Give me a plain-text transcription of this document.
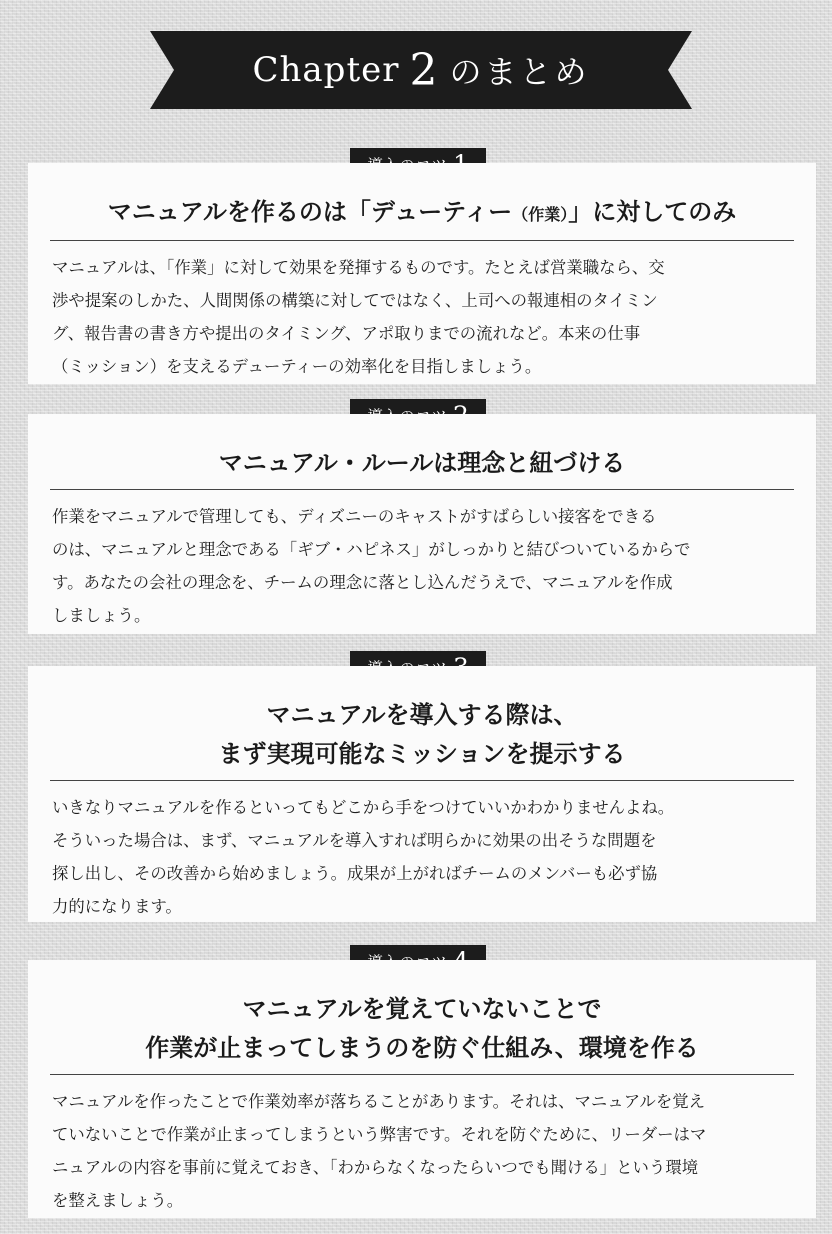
Chapter 2 のまとめ
マニュアルを作るのは「デューティー（作業）」に対してのみ
マニュアルは、「作業」に対して効果を発揮するものです。たとえば営業職なら、交
渉や提案のしかた、人間関係の構築に対してではなく、上司への報連相のタイミン
グ、報告書の書き方や提出のタイミング、アポ取りまでの流れなど。本来の仕事
（ミッション）を支えるデューティーの効率化を目指しましょう。
マニュアル・ルールは理念と紐づける
作業をマニュアルで管理しても、ディズニーのキャストがすばらしい接客をできる
のは、マニュアルと理念である「ギブ・ハピネス」がしっかりと結びついているからで
す。あなたの会社の理念を、チームの理念に落とし込んだうえで、マニュアルを作成
しましょう。
マニュアルを導入する際は、
まず実現可能なミッションを提示する
いきなりマニュアルを作るといってもどこから手をつけていいかわかりませんよね。
そういった場合は、まず、マニュアルを導入すれば明らかに効果の出そうな問題を
探し出し、その改善から始めましょう。成果が上がればチームのメンバーも必ず協
力的になります。
マニュアルを覚えていないことで
作業が止まってしまうのを防ぐ仕組み、環境を作る
マニュアルを作ったことで作業効率が落ちることがあります。それは、マニュアルを覚え
ていないことで作業が止まってしまうという弊害です。それを防ぐために、リーダーはマ
ニュアルの内容を事前に覚えておき、「わからなくなったらいつでも聞ける」という環境
を整えましょう。
